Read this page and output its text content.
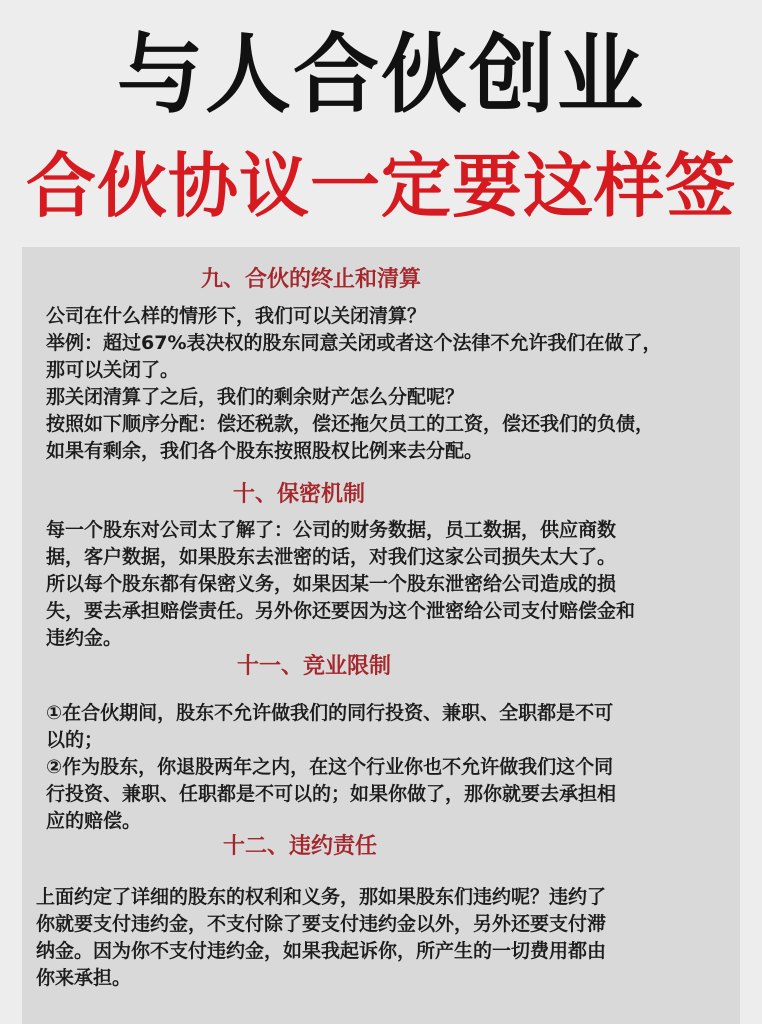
与人合伙创业
合伙协议一定要这样签
九、合伙的终止和清算
公司在什么样的情形下，我们可以关闭清算？
举例：超过67%表决权的股东同意关闭或者这个法律不允许我们在做了，
那可以关闭了。
那关闭清算了之后，我们的剩余财产怎么分配呢？
按照如下顺序分配：偿还税款，偿还拖欠员工的工资，偿还我们的负债，
如果有剩余，我们各个股东按照股权比例来去分配。
十、保密机制
每一个股东对公司太了解了：公司的财务数据，员工数据，供应商数
据，客户数据，如果股东去泄密的话，对我们这家公司损失太大了。
所以每个股东都有保密义务，如果因某一个股东泄密给公司造成的损
失，要去承担赔偿责任。另外你还要因为这个泄密给公司支付赔偿金和
违约金。
十一、竞业限制
①在合伙期间，股东不允许做我们的同行投资、兼职、全职都是不可
以的；
②作为股东，你退股两年之内，在这个行业你也不允许做我们这个同
行投资、兼职、任职都是不可以的；如果你做了，那你就要去承担相
应的赔偿。
十二、违约责任
上面约定了详细的股东的权利和义务，那如果股东们违约呢？违约了
你就要支付违约金，不支付除了要支付违约金以外，另外还要支付滞
纳金。因为你不支付违约金，如果我起诉你，所产生的一切费用都由
你来承担。
